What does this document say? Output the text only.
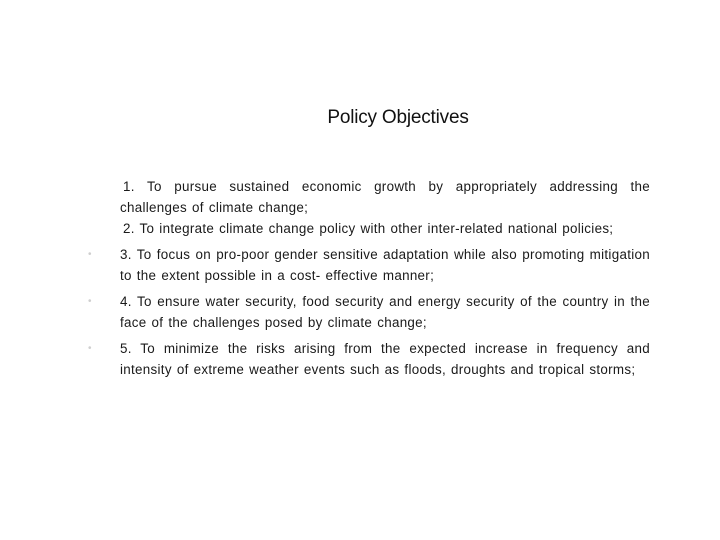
Policy Objectives
1. To pursue sustained economic growth by appropriately addressing the challenges of climate change;
2. To integrate climate change policy with other inter-related national policies;
• 3. To focus on pro-poor gender sensitive adaptation while also promoting mitigation to the extent possible in a cost- effective manner;
• 4. To ensure water security, food security and energy security of the country in the face of the challenges posed by climate change;
• 5. To minimize the risks arising from the expected increase in frequency and intensity of extreme weather events such as floods, droughts and tropical storms;
